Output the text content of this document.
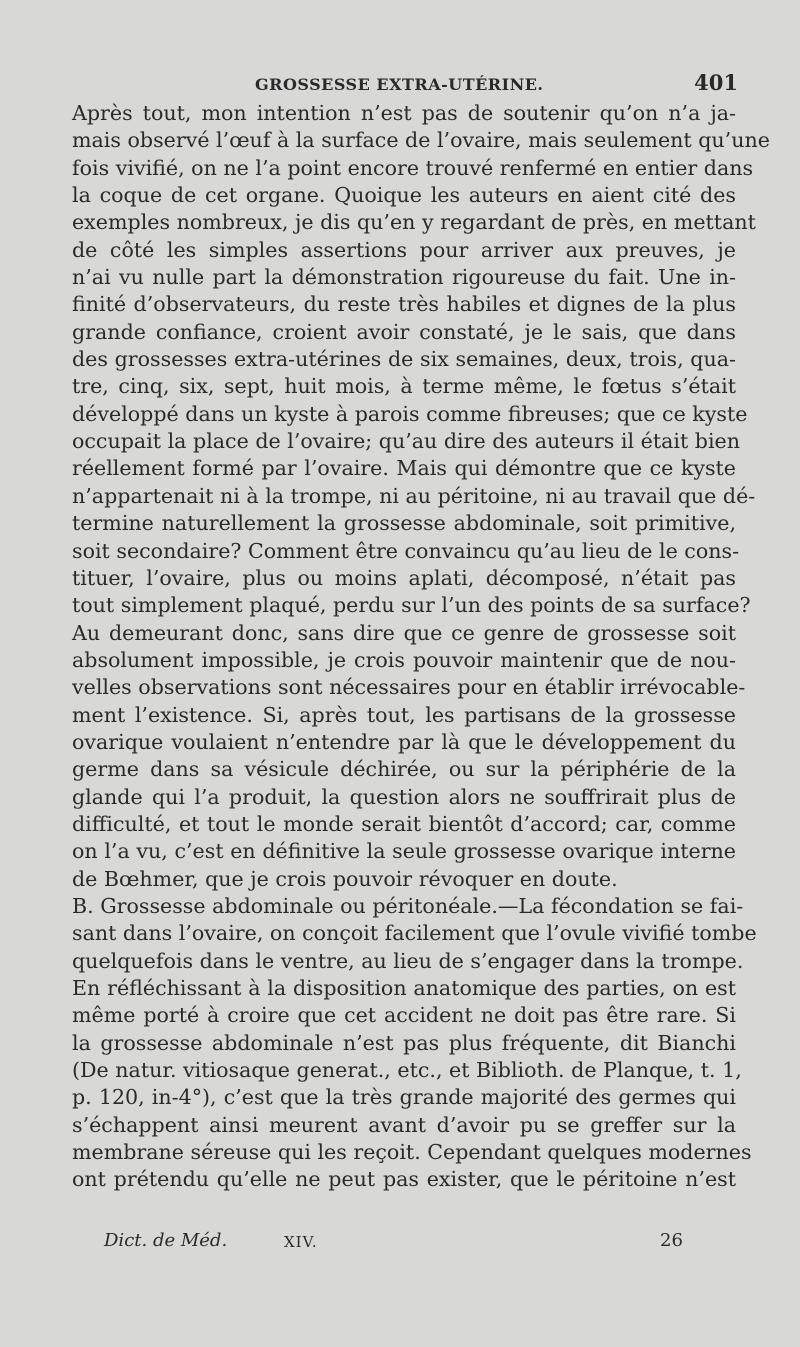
GROSSESSE EXTRA-UTÉRINE.	401
Après tout, mon intention n’est pas de soutenir qu’on n’a ja-
mais observé l’œuf à la surface de l’ovaire, mais seulement qu’une
fois vivifié, on ne l’a point encore trouvé renfermé en entier dans
la coque de cet organe. Quoique les auteurs en aient cité des
exemples nombreux, je dis qu’en y regardant de près, en mettant
de côté les simples assertions pour arriver aux preuves, je
n’ai vu nulle part la démonstration rigoureuse du fait. Une in-
finité d’observateurs, du reste très habiles et dignes de la plus
grande confiance, croient avoir constaté, je le sais, que dans
des grossesses extra-utérines de six semaines, deux, trois, qua-
tre, cinq, six, sept, huit mois, à terme même, le fœtus s’était
développé dans un kyste à parois comme fibreuses; que ce kyste
occupait la place de l’ovaire; qu’au dire des auteurs il était bien
réellement formé par l’ovaire. Mais qui démontre que ce kyste
n’appartenait ni à la trompe, ni au péritoine, ni au travail que dé-
termine naturellement la grossesse abdominale, soit primitive,
soit secondaire? Comment être convaincu qu’au lieu de le cons-
tituer, l’ovaire, plus ou moins aplati, décomposé, n’était pas
tout simplement plaqué, perdu sur l’un des points de sa surface?
Au demeurant donc, sans dire que ce genre de grossesse soit
absolument impossible, je crois pouvoir maintenir que de nou-
velles observations sont nécessaires pour en établir irrévocable-
ment l’existence. Si, après tout, les partisans de la grossesse
ovarique voulaient n’entendre par là que le développement du
germe dans sa vésicule déchirée, ou sur la périphérie de la
glande qui l’a produit, la question alors ne souffrirait plus de
difficulté, et tout le monde serait bientôt d’accord; car, comme
on l’a vu, c’est en définitive la seule grossesse ovarique interne
de Bœhmer, que je crois pouvoir révoquer en doute.
B. Grossesse abdominale ou péritonéale.—La fécondation se fai-
sant dans l’ovaire, on conçoit facilement que l’ovule vivifié tombe
quelquefois dans le ventre, au lieu de s’engager dans la trompe.
En réfléchissant à la disposition anatomique des parties, on est
même porté à croire que cet accident ne doit pas être rare. Si
la grossesse abdominale n’est pas plus fréquente, dit Bianchi
(De natur. vitiosaque generat., etc., et Biblioth. de Planque, t. 1,
p. 120, in-4°), c’est que la très grande majorité des germes qui
s’échappent ainsi meurent avant d’avoir pu se greffer sur la
membrane séreuse qui les reçoit. Cependant quelques modernes
ont prétendu qu’elle ne peut pas exister, que le péritoine n’est
Dict. de Méd.	XIV.	26
